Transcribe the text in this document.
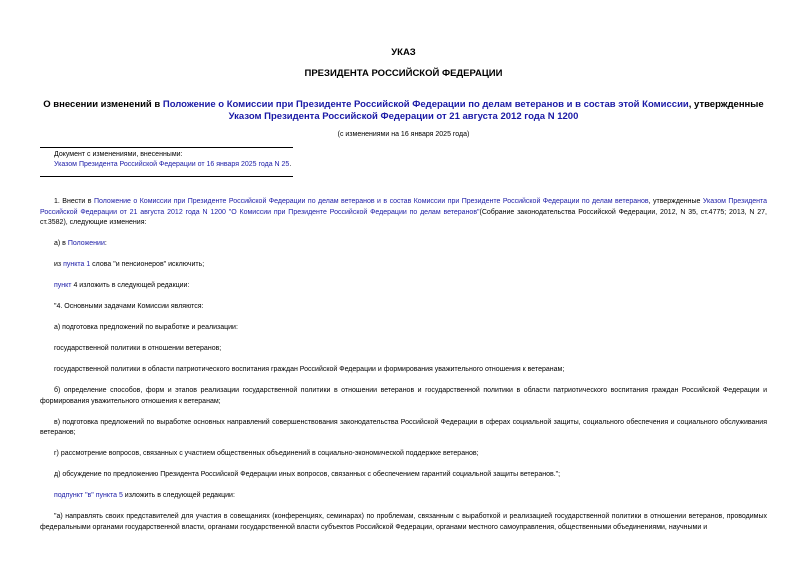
УКАЗ
ПРЕЗИДЕНТА РОССИЙСКОЙ ФЕДЕРАЦИИ
О внесении изменений в Положение о Комиссии при Президенте Российской Федерации по делам ветеранов и в состав этой Комиссии, утвержденные Указом Президента Российской Федерации от 21 августа 2012 года N 1200
(с изменениями на 16 января 2025 года)
Документ с изменениями, внесенными:
Указом Президента Российской Федерации от 16 января 2025 года N 25.

1. Внести в Положение о Комиссии при Президенте Российской Федерации по делам ветеранов и в состав Комиссии при Президенте Российской Федерации по делам ветеранов, утвержденные Указом Президента Российской Федерации от 21 августа 2012 года N 1200 "О Комиссии при Президенте Российской Федерации по делам ветеранов"(Собрание законодательства Российской Федерации, 2012, N 35, ст.4775; 2013, N 27, ст.3582), следующие изменения:

а) в Положении:

из пункта 1 слова "и пенсионеров" исключить;

пункт 4 изложить в следующей редакции:

"4. Основными задачами Комиссии являются:

а) подготовка предложений по выработке и реализации:

государственной политики в отношении ветеранов;

государственной политики в области патриотического воспитания граждан Российской Федерации и формирования уважительного отношения к ветеранам;

б) определение способов, форм и этапов реализации государственной политики в отношении ветеранов и государственной политики в области патриотического воспитания граждан Российской Федерации и формирования уважительного отношения к ветеранам;

в) подготовка предложений по выработке основных направлений совершенствования законодательства Российской Федерации в сферах социальной защиты, социального обеспечения и социального обслуживания ветеранов;

г) рассмотрение вопросов, связанных с участием общественных объединений в социально-экономической поддержке ветеранов;

д) обсуждение по предложению Президента Российской Федерации иных вопросов, связанных с обеспечением гарантий социальной защиты ветеранов.";

подпункт "в" пункта 5 изложить в следующей редакции:

"а) направлять своих представителей для участия в совещаниях (конференциях, семинарах) по проблемам, связанным с выработкой и реализацией государственной политики в отношении ветеранов, проводимых федеральными органами государственной власти, органами государственной власти субъектов Российской Федерации, органами местного самоуправления, общественными объединениями, научными и
